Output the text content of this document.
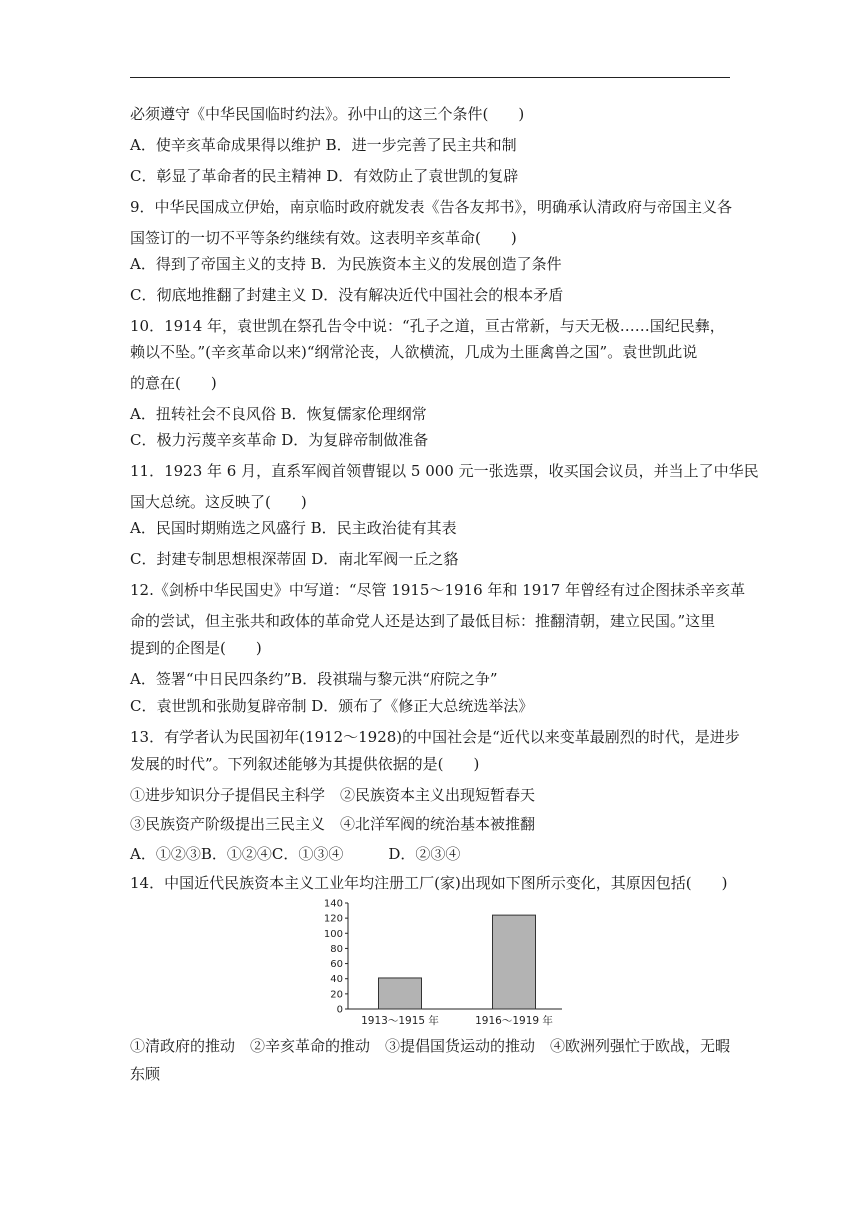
必须遵守《中华民国临时约法》。孙中山的这三个条件(　　)
A．使辛亥革命成果得以维护 B．进一步完善了民主共和制
C．彰显了革命者的民主精神 D．有效防止了袁世凯的复辟
9．中华民国成立伊始，南京临时政府就发表《告各友邦书》，明确承认清政府与帝国主义各
国签订的一切不平等条约继续有效。这表明辛亥革命(　　)
A．得到了帝国主义的支持 B．为民族资本主义的发展创造了条件
C．彻底地推翻了封建主义 D．没有解决近代中国社会的根本矛盾
10．1914 年，袁世凯在祭孔告令中说：“孔子之道，亘古常新，与天无极……国纪民彝，
赖以不坠。”(辛亥革命以来)“纲常沦丧，人欲横流，几成为土匪禽兽之国”。袁世凯此说
的意在(　　)
A．扭转社会不良风俗 B．恢复儒家伦理纲常
C．极力污蔑辛亥革命 D．为复辟帝制做准备
11．1923 年 6 月，直系军阀首领曹锟以 5 000 元一张选票，收买国会议员，并当上了中华民
国大总统。这反映了(　　)
A．民国时期贿选之风盛行 B．民主政治徒有其表
C．封建专制思想根深蒂固 D．南北军阀一丘之貉
12.《剑桥中华民国史》中写道：“尽管 1915～1916 年和 1917 年曾经有过企图抹杀辛亥革
命的尝试，但主张共和政体的革命党人还是达到了最低目标：推翻清朝，建立民国。”这里
提到的企图是(　　)
A．签署“中日民四条约”B．段祺瑞与黎元洪“府院之争”
C．袁世凯和张勋复辟帝制 D．颁布了《修正大总统选举法》
13．有学者认为民国初年(1912～1928)的中国社会是“近代以来变革最剧烈的时代，是进步
发展的时代”。下列叙述能够为其提供依据的是(　　)
①进步知识分子提倡民主科学　②民族资本主义出现短暂春天
③民族资产阶级提出三民主义　④北洋军阀的统治基本被推翻
A．①②③B．①②④C．①③④　　　D．②③④
14．中国近代民族资本主义工业年均注册工厂(家)出现如下图所示变化，其原因包括(　　)
0
20
40
60
80
100
120
140
1913～1915 年	1916～1919 年
①清政府的推动　②辛亥革命的推动　③提倡国货运动的推动　④欧洲列强忙于欧战，无暇
东顾
